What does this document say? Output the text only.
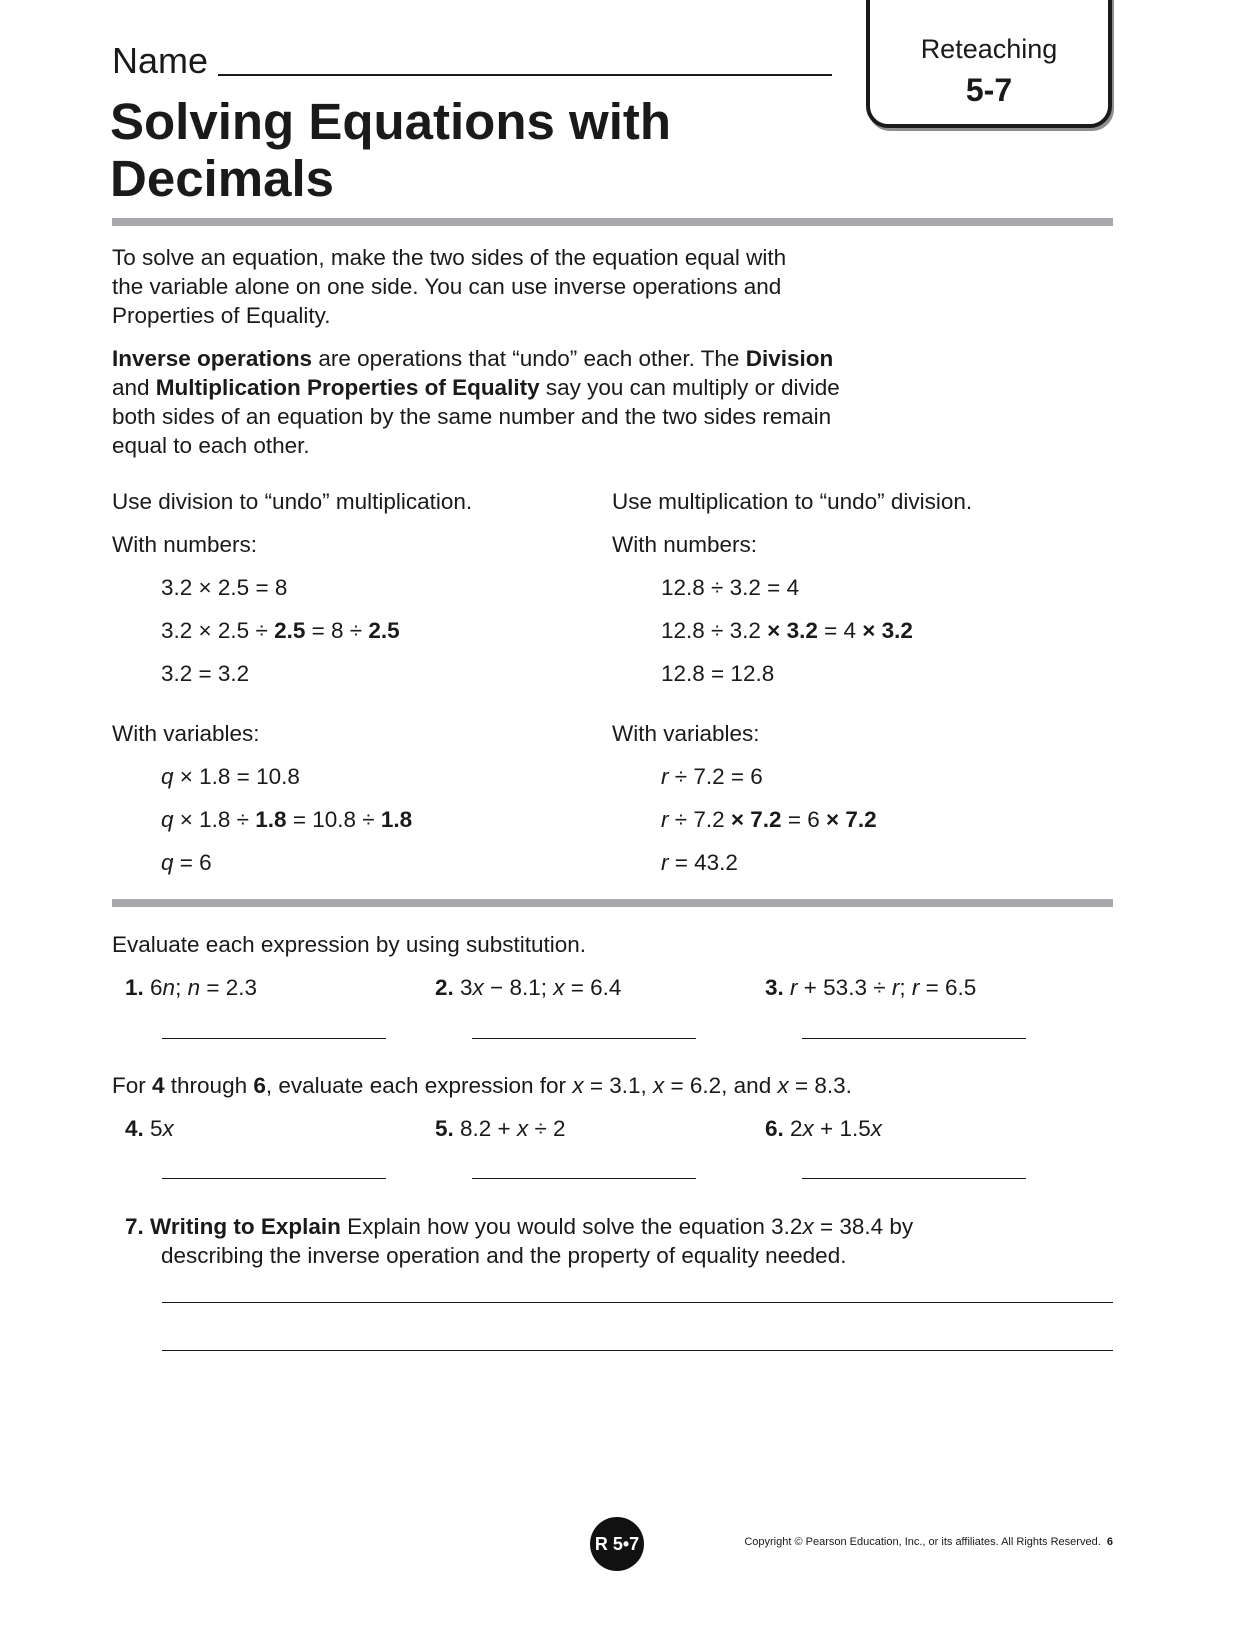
Name
Solving Equations with
Decimals
Reteaching
5-7
To solve an equation, make the two sides of the equation equal with
the variable alone on one side. You can use inverse operations and
Properties of Equality.
Inverse operations are operations that “undo” each other. The Division
and Multiplication Properties of Equality say you can multiply or divide
both sides of an equation by the same number and the two sides remain
equal to each other.
Use division to “undo” multiplication.
With numbers:
3.2 × 2.5 = 8
3.2 × 2.5 ÷ 2.5 = 8 ÷ 2.5
3.2 = 3.2
With variables:
q × 1.8 = 10.8
q × 1.8 ÷ 1.8 = 10.8 ÷ 1.8
q = 6
Use multiplication to “undo” division.
With numbers:
12.8 ÷ 3.2 = 4
12.8 ÷ 3.2 × 3.2 = 4 × 3.2
12.8 = 12.8
With variables:
r ÷ 7.2 = 6
r ÷ 7.2 × 7.2 = 6 × 7.2
r = 43.2
Evaluate each expression by using substitution.
1. 6n; n = 2.3	2. 3x − 8.1; x = 6.4	3. r + 53.3 ÷ r; r = 6.5
For 4 through 6, evaluate each expression for x = 3.1, x = 6.2, and x = 8.3.
4. 5x	5. 8.2 + x ÷ 2	6. 2x + 1.5x
7. Writing to Explain Explain how you would solve the equation 3.2x = 38.4 by
describing the inverse operation and the property of equality needed.
R 5•7	Copyright © Pearson Education, Inc., or its affiliates. All Rights Reserved. 6
